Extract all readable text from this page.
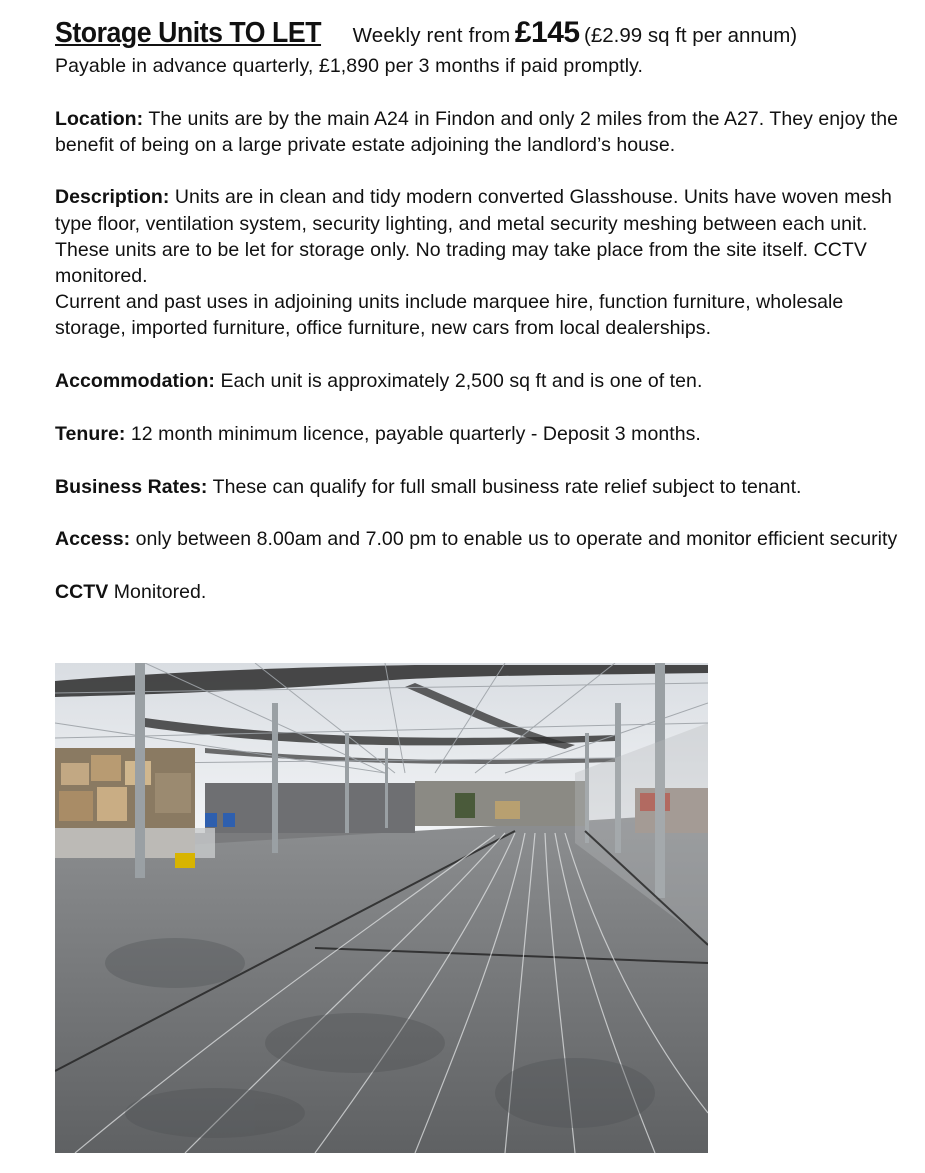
Storage Units TO LET Weekly rent from £145 (£2.99 sq ft per annum)
Payable in advance quarterly, £1,890 per 3 months if paid promptly.
Location: The units are by the main A24 in Findon and only 2 miles from the A27. They enjoy the benefit of being on a large private estate adjoining the landlord’s house.
Description: Units are in clean and tidy modern converted Glasshouse. Units have woven mesh type floor, ventilation system, security lighting, and metal security meshing between each unit. These units are to be let for storage only. No trading may take place from the site itself. CCTV monitored.
Current and past uses in adjoining units include marquee hire, function furniture, wholesale storage, imported furniture, office furniture, new cars from local dealerships.
Accommodation: Each unit is approximately 2,500 sq ft and is one of ten.
Tenure: 12 month minimum licence, payable quarterly - Deposit 3 months.
Business Rates: These can qualify for full small business rate relief subject to tenant.
Access: only between 8.00am and 7.00 pm to enable us to operate and monitor efficient security
CCTV Monitored.
